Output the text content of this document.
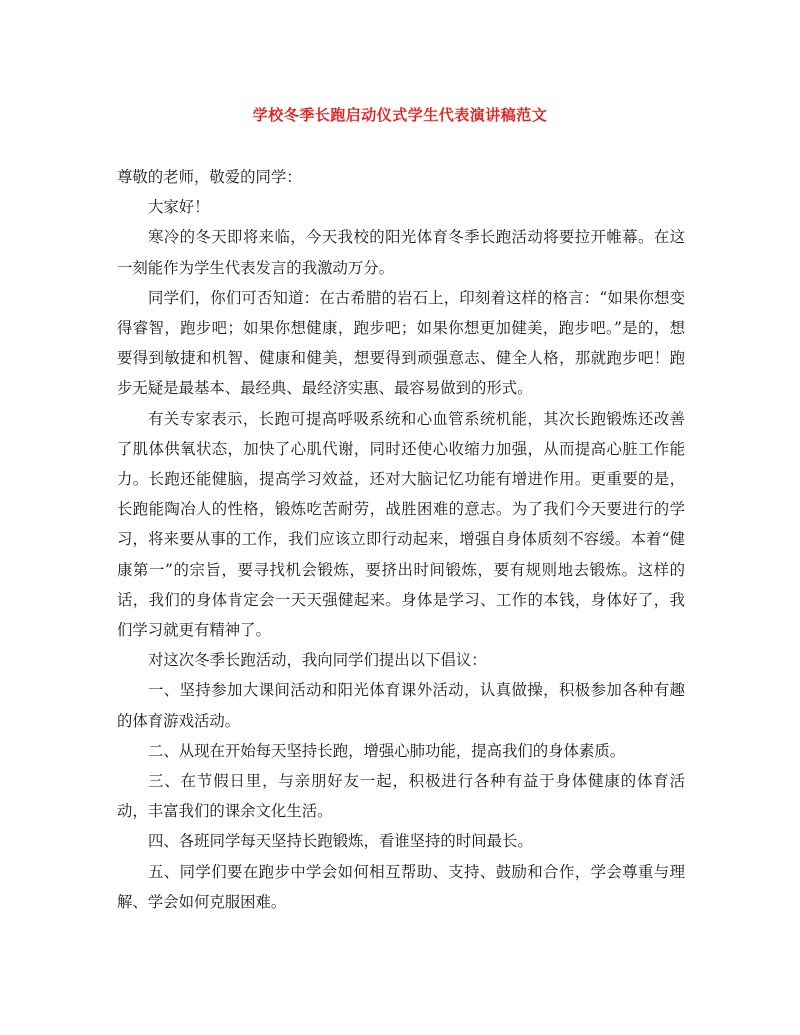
学校冬季长跑启动仪式学生代表演讲稿范文

尊敬的老师，敬爱的同学：

大家好！

寒冷的冬天即将来临，今天我校的阳光体育冬季长跑活动将要拉开帷幕。在这一刻能作为学生代表发言的我激动万分。

同学们，你们可否知道：在古希腊的岩石上，印刻着这样的格言：“如果你想变得睿智，跑步吧；如果你想健康，跑步吧；如果你想更加健美，跑步吧。”是的，想要得到敏捷和机智、健康和健美，想要得到顽强意志、健全人格，那就跑步吧！跑步无疑是最基本、最经典、最经济实惠、最容易做到的形式。

有关专家表示，长跑可提高呼吸系统和心血管系统机能，其次长跑锻炼还改善了肌体供氧状态，加快了心肌代谢，同时还使心收缩力加强，从而提高心脏工作能力。长跑还能健脑，提高学习效益，还对大脑记忆功能有增进作用。更重要的是，长跑能陶冶人的性格，锻炼吃苦耐劳，战胜困难的意志。为了我们今天要进行的学习，将来要从事的工作，我们应该立即行动起来，增强自身体质刻不容缓。本着“健康第一”的宗旨，要寻找机会锻炼，要挤出时间锻炼，要有规则地去锻炼。这样的话，我们的身体肯定会一天天强健起来。身体是学习、工作的本钱，身体好了，我们学习就更有精神了。

对这次冬季长跑活动，我向同学们提出以下倡议：

一、坚持参加大课间活动和阳光体育课外活动，认真做操，积极参加各种有趣的体育游戏活动。

二、从现在开始每天坚持长跑，增强心肺功能，提高我们的身体素质。

三、在节假日里，与亲朋好友一起，积极进行各种有益于身体健康的体育活动，丰富我们的课余文化生活。

四、各班同学每天坚持长跑锻炼，看谁坚持的时间最长。

五、同学们要在跑步中学会如何相互帮助、支持、鼓励和合作，学会尊重与理解、学会如何克服困难。
